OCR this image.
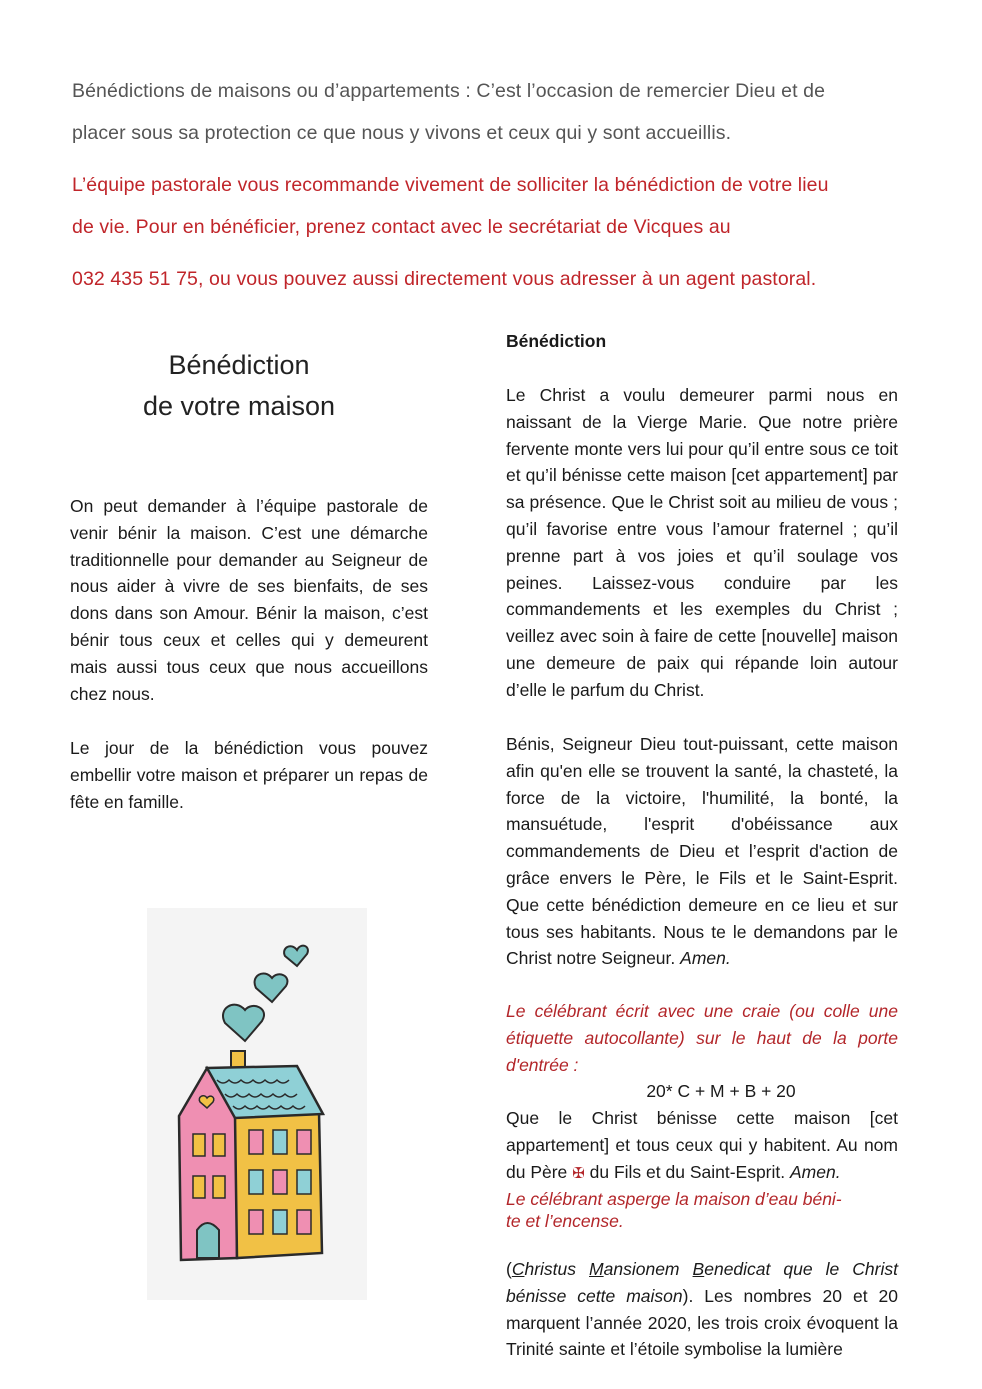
Bénédictions de maisons ou d’appartements : C’est l’occasion de remercier Dieu et de
placer sous sa protection ce que nous y vivons et ceux qui y sont accueillis.
L’équipe pastorale vous recommande vivement de solliciter la bénédiction de votre lieu
de vie. Pour en bénéficier, prenez contact avec le secrétariat de Vicques au
032 435 51 75, ou vous pouvez aussi directement vous adresser à un agent pastoral.
Bénédiction
de votre maison

On peut demander à l’équipe pastorale de venir bénir la maison. C’est une démarche traditionnelle pour demander au Seigneur de nous aider à vivre de ses bienfaits, de ses dons dans son Amour. Bénir la maison, c’est bénir tous ceux et celles qui y demeurent mais aussi tous ceux que nous accueillons chez nous.

Le jour de la bénédiction vous pouvez embellir votre maison et préparer un repas de fête en famille.

Bénédiction

Le Christ a voulu demeurer parmi nous en naissant de la Vierge Marie. Que notre prière fervente monte vers lui pour qu’il entre sous ce toit et qu’il bénisse cette maison [cet appartement] par sa présence. Que le Christ soit au milieu de vous ; qu’il favorise entre vous l’amour fraternel ; qu’il prenne part à vos joies et qu’il soulage vos peines. Laissez-vous conduire par les commandements et les exemples du Christ ; veillez avec soin à faire de cette [nouvelle] maison une demeure de paix qui répande loin autour d’elle le parfum du Christ.

Bénis, Seigneur Dieu tout-puissant, cette maison afin qu'en elle se trouvent la santé, la chasteté, la force de la victoire, l'humilité, la bonté, la mansuétude, l'esprit d'obéissance aux commandements de Dieu et l’esprit d'action de grâce envers le Père, le Fils et le Saint-Esprit. Que cette bénédiction demeure en ce lieu et sur tous ses habitants. Nous te le demandons par le Christ notre Seigneur. Amen.

Le célébrant écrit avec une craie (ou colle une étiquette autocollante) sur le haut de la porte d'entrée :

20* C + M + B + 20

Que le Christ bénisse cette maison [cet appartement] et tous ceux qui y habitent. Au nom du Père ✠ du Fils et du Saint-Esprit. Amen.

Le célébrant asperge la maison d’eau béni-
te et l’encense.

(Christus Mansionem Benedicat que le Christ bénisse cette maison). Les nombres 20 et 20 marquent l’année 2020, les trois croix évoquent la Trinité sainte et l’étoile symbolise la lumière
